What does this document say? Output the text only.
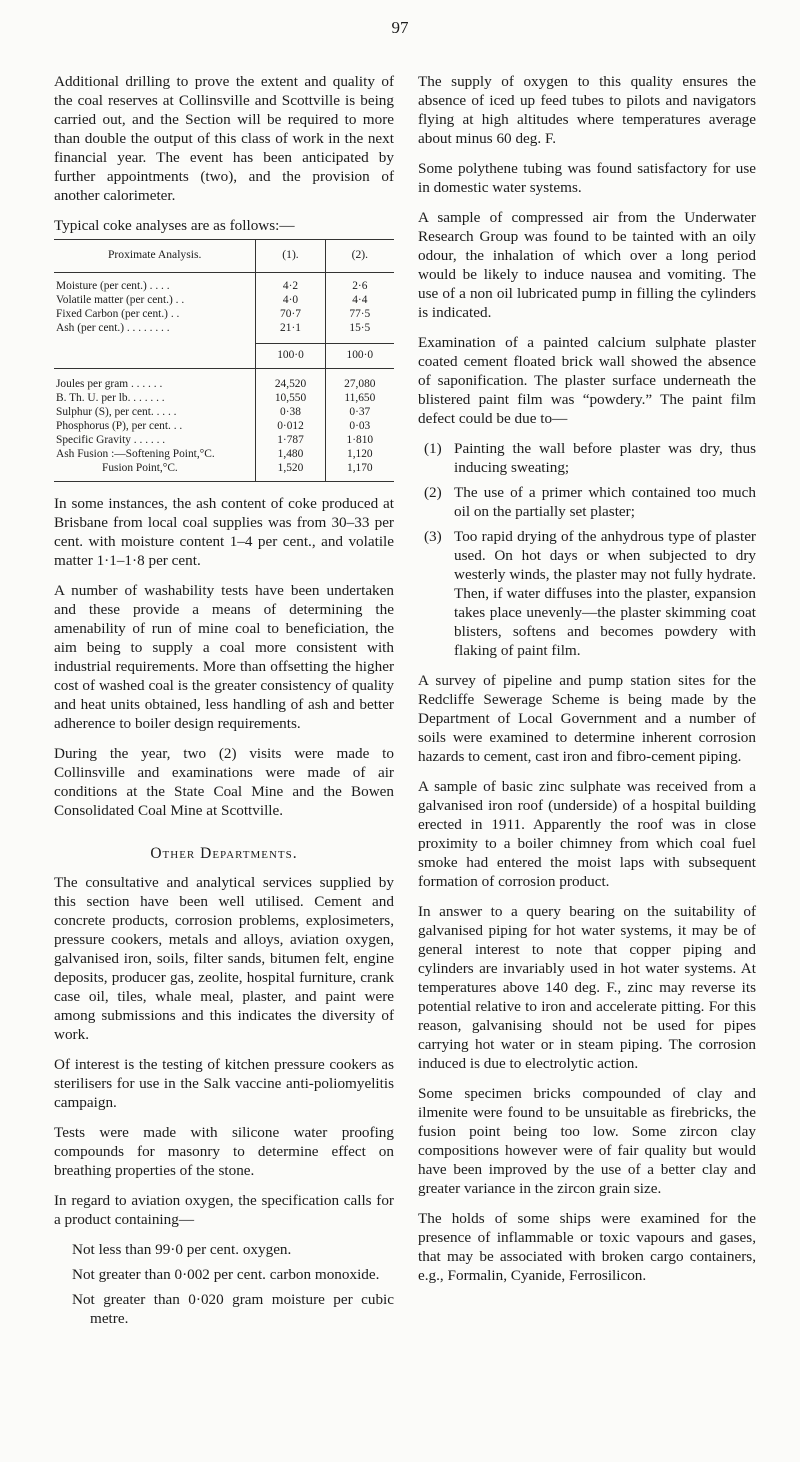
97

Additional drilling to prove the extent and quality of the coal reserves at Collinsville and Scottville is being carried out, and the Section will be required to more than double the output of this class of work in the next financial year. The event has been anticipated by further appointments (two), and the provision of another calorimeter.

Typical coke analyses are as follows:—

Proximate Analysis.	(1).	(2).
Moisture (per cent.) . . . .	4·2	2·6
Volatile matter (per cent.) . .	4·0	4·4
Fixed Carbon (per cent.) . .	70·7	77·5
Ash (per cent.) . . . . . . . .	21·1	15·5

	100·0	100·0

Joules per gram . . . . . .	24,520	27,080
B. Th. U. per lb. . . . . . .	10,550	11,650
Sulphur (S), per cent. . . . .	0·38	0·37
Phosphorus (P), per cent. . .	0·012	0·03
Specific Gravity . . . . . .	1·787	1·810
Ash Fusion :—Softening Point,°C.	1,480	1,120
Fusion Point,°C.	1,520	1,170

In some instances, the ash content of coke produced at Brisbane from local coal supplies was from 30–33 per cent. with moisture content 1–4 per cent., and volatile matter 1·1–1·8 per cent.

A number of washability tests have been undertaken and these provide a means of determining the amenability of run of mine coal to beneficiation, the aim being to supply a coal more consistent with industrial requirements. More than offsetting the higher cost of washed coal is the greater consistency of quality and heat units obtained, less handling of ash and better adherence to boiler design requirements.

During the year, two (2) visits were made to Collinsville and examinations were made of air conditions at the State Coal Mine and the Bowen Consolidated Coal Mine at Scottville.

Other Departments.

The consultative and analytical services supplied by this section have been well utilised. Cement and concrete products, corrosion problems, explosimeters, pressure cookers, metals and alloys, aviation oxygen, galvanised iron, soils, filter sands, bitumen felt, engine deposits, producer gas, zeolite, hospital furniture, crank case oil, tiles, whale meal, plaster, and paint were among submissions and this indicates the diversity of work.

Of interest is the testing of kitchen pressure cookers as sterilisers for use in the Salk vaccine anti-poliomyelitis campaign.

Tests were made with silicone water proofing compounds for masonry to determine effect on breathing properties of the stone.

In regard to aviation oxygen, the specification calls for a product containing—

Not less than 99·0 per cent. oxygen.

Not greater than 0·002 per cent. carbon monoxide.

Not greater than 0·020 gram moisture per cubic metre.

The supply of oxygen to this quality ensures the absence of iced up feed tubes to pilots and navigators flying at high altitudes where temperatures average about minus 60 deg. F.

Some polythene tubing was found satisfactory for use in domestic water systems.

A sample of compressed air from the Underwater Research Group was found to be tainted with an oily odour, the inhalation of which over a long period would be likely to induce nausea and vomiting. The use of a non oil lubricated pump in filling the cylinders is indicated.

Examination of a painted calcium sulphate plaster coated cement floated brick wall showed the absence of saponification. The plaster surface underneath the blistered paint film was “powdery.” The paint film defect could be due to—

(1) Painting the wall before plaster was dry, thus inducing sweating;
(2) The use of a primer which contained too much oil on the partially set plaster;
(3) Too rapid drying of the anhydrous type of plaster used. On hot days or when subjected to dry westerly winds, the plaster may not fully hydrate. Then, if water diffuses into the plaster, expansion takes place unevenly—the plaster skimming coat blisters, softens and becomes powdery with flaking of paint film.

A survey of pipeline and pump station sites for the Redcliffe Sewerage Scheme is being made by the Department of Local Government and a number of soils were examined to determine inherent corrosion hazards to cement, cast iron and fibro-cement piping.

A sample of basic zinc sulphate was received from a galvanised iron roof (underside) of a hospital building erected in 1911. Apparently the roof was in close proximity to a boiler chimney from which coal fuel smoke had entered the moist laps with subsequent formation of corrosion product.

In answer to a query bearing on the suitability of galvanised piping for hot water systems, it may be of general interest to note that copper piping and cylinders are invariably used in hot water systems. At temperatures above 140 deg. F., zinc may reverse its potential relative to iron and accelerate pitting. For this reason, galvanising should not be used for pipes carrying hot water or in steam piping. The corrosion induced is due to electrolytic action.

Some specimen bricks compounded of clay and ilmenite were found to be unsuitable as firebricks, the fusion point being too low. Some zircon clay compositions however were of fair quality but would have been improved by the use of a better clay and greater variance in the zircon grain size.

The holds of some ships were examined for the presence of inflammable or toxic vapours and gases, that may be associated with broken cargo containers, e.g., Formalin, Cyanide, Ferrosilicon.
